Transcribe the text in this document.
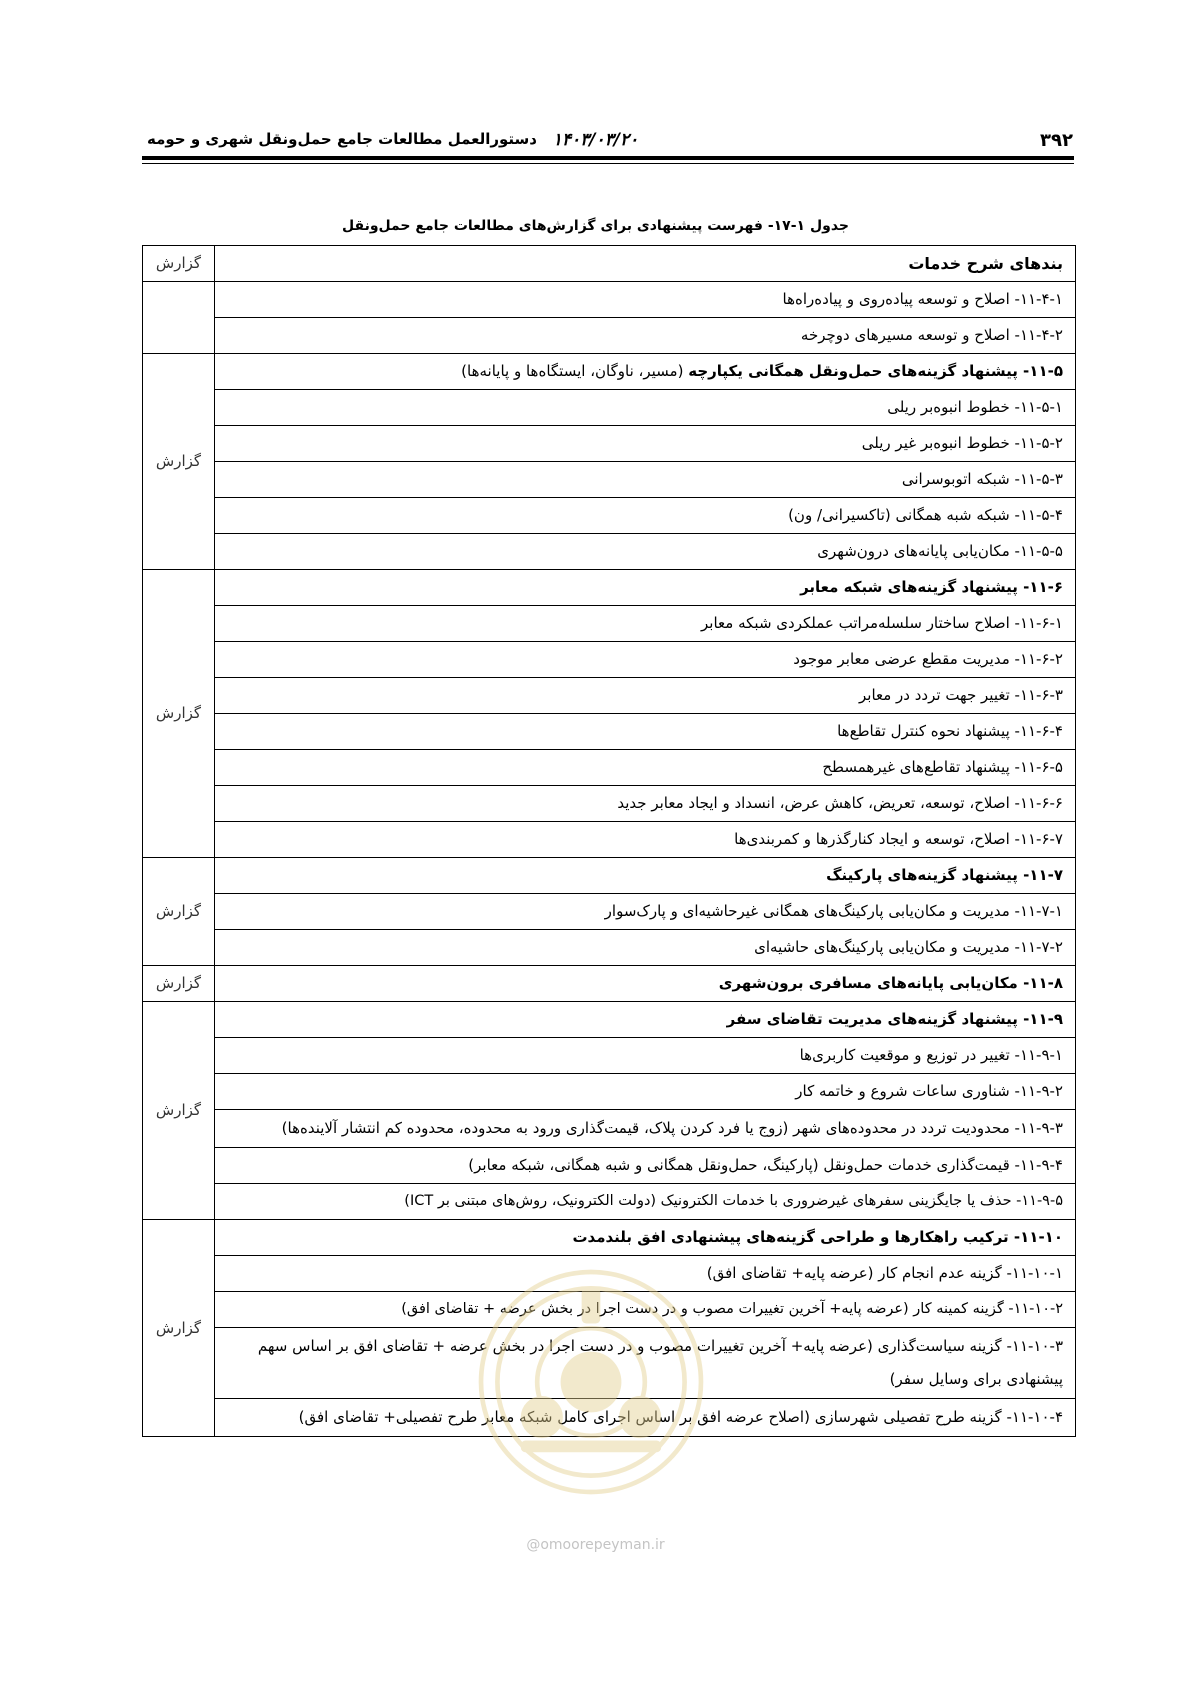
۳۹۲
۱۴۰۳/۰۳/۲۰
دستورالعمل مطالعات جامع حمل‌ونقل شهری و حومه
جدول ۱-۱۷- فهرست پیشنهادی برای گزارش‌های مطالعات جامع حمل‌ونقل
بندهای شرح خدمات	گزارش
۱۱-۴-۱- اصلاح و توسعه پیاده‌روی و پیاده‌راه‌ها	
۱۱-۴-۲- اصلاح و توسعه مسیرهای دوچرخه	
۱۱-۵- پیشنهاد گزینه‌های حمل‌ونقل همگانی یکپارچه (مسیر، ناوگان، ایستگاه‌ها و پایانه‌ها)	گزارش
۱۱-۵-۱- خطوط انبوه‌بر ریلی	
۱۱-۵-۲- خطوط انبوه‌بر غیر ریلی	
۱۱-۵-۳- شبکه اتوبوسرانی	
۱۱-۵-۴- شبکه شبه همگانی (تاکسیرانی/ ون)	
۱۱-۵-۵- مکان‌یابی پایانه‌های درون‌شهری	
۱۱-۶- پیشنهاد گزینه‌های شبکه معابر	گزارش
۱۱-۶-۱- اصلاح ساختار سلسله‌مراتب عملکردی شبکه معابر	
۱۱-۶-۲- مدیریت مقطع عرضی معابر موجود	
۱۱-۶-۳- تغییر جهت تردد در معابر	
۱۱-۶-۴- پیشنهاد نحوه کنترل تقاطع‌ها	
۱۱-۶-۵- پیشنهاد تقاطع‌های غیرهمسطح	
۱۱-۶-۶- اصلاح، توسعه، تعریض، کاهش عرض، انسداد و ایجاد معابر جدید	
۱۱-۶-۷- اصلاح، توسعه و ایجاد کنارگذرها و کمربندی‌ها	
۱۱-۷- پیشنهاد گزینه‌های پارکینگ	گزارش
۱۱-۷-۱- مدیریت و مکان‌یابی پارکینگ‌های همگانی غیرحاشیه‌ای و پارک‌سوار	
۱۱-۷-۲- مدیریت و مکان‌یابی پارکینگ‌های حاشیه‌ای	
۱۱-۸- مکان‌یابی پایانه‌های مسافری برون‌شهری	گزارش
۱۱-۹- پیشنهاد گزینه‌های مدیریت تقاضای سفر	گزارش
۱۱-۹-۱- تغییر در توزیع و موقعیت کاربری‌ها	
۱۱-۹-۲- شناوری ساعات شروع و خاتمه کار	
۱۱-۹-۳- محدودیت تردد در محدوده‌های شهر (زوج یا فرد کردن پلاک، قیمت‌گذاری ورود به محدوده، محدوده کم انتشار آلاینده‌ها)	
۱۱-۹-۴- قیمت‌گذاری خدمات حمل‌ونقل (پارکینگ، حمل‌ونقل همگانی و شبه همگانی، شبکه معابر)	
۱۱-۹-۵- حذف یا جایگزینی سفرهای غیرضروری با خدمات الکترونیک (دولت الکترونیک، روش‌های مبتنی بر ICT)	
۱۱-۱۰- ترکیب راهکارها و طراحی گزینه‌های پیشنهادی افق بلندمدت	گزارش
۱۱-۱۰-۱- گزینه عدم انجام کار (عرضه پایه+ تقاضای افق)	
۱۱-۱۰-۲- گزینه کمینه کار (عرضه پایه+ آخرین تغییرات مصوب و در دست اجرا در بخش عرضه + تقاضای افق)	
۱۱-۱۰-۳- گزینه سیاست‌گذاری (عرضه پایه+ آخرین تغییرات مصوب و در دست اجرا در بخش عرضه + تقاضای افق بر اساس سهم پیشنهادی برای وسایل سفر)	
۱۱-۱۰-۴- گزینه طرح تفصیلی شهرسازی (اصلاح عرضه افق بر اساس اجرای کامل شبکه معابر طرح تفصیلی+ تقاضای افق)	
@omoorepeyman.ir
